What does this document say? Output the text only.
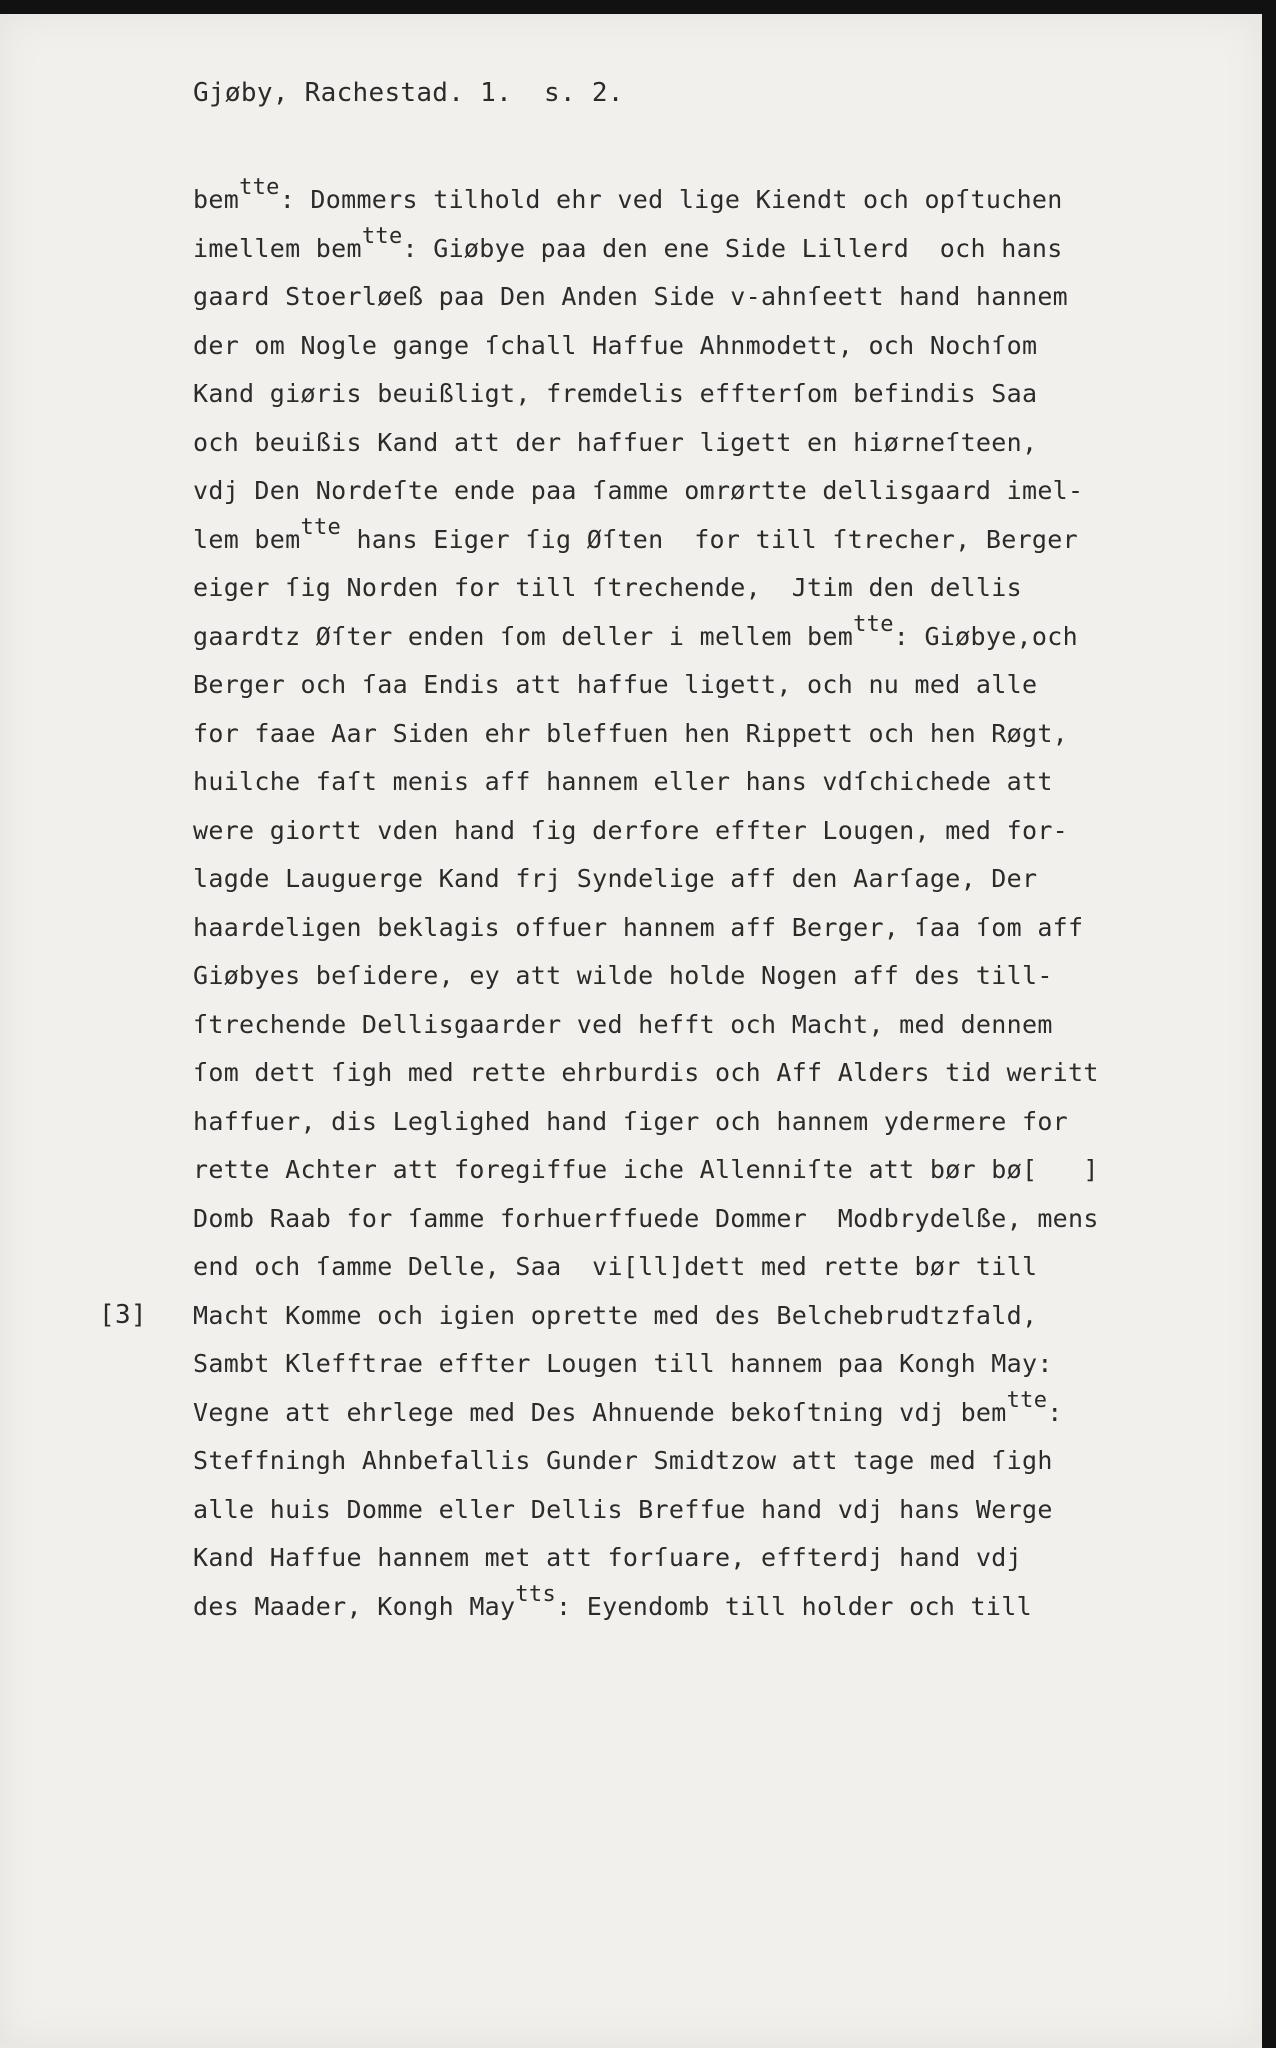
Gjøby, Rachestad. 1.  s. 2.
[3]
bemtte: Dommers tilhold ehr ved lige Kiendt och opſtuchen
imellem bemtte: Giøbye paa den ene Side Lillerd  och hans
gaard Stoerløeß paa Den Anden Side v-ahnſeett hand hannem
der om Nogle gange ſchall Haffue Ahnmodett, och Nochſom
Kand giøris beuißligt, fremdelis effterſom befindis Saa
och beuißis Kand att der haffuer ligett en hiørneſteen,
vdj Den Nordeſte ende paa ſamme omrørtte dellisgaard imel-
lem bemtte hans Eiger ſig Øſten  for till ſtrecher, Berger
eiger ſig Norden for till ſtrechende,  Jtim den dellis
gaardtz Øſter enden ſom deller i mellem bemtte: Giøbye,och
Berger och ſaa Endis att haffue ligett, och nu med alle
for faae Aar Siden ehr bleffuen hen Rippett och hen Røgt,
huilche faſt menis aff hannem eller hans vdſchichede att
were giortt vden hand ſig derfore effter Lougen, med for-
lagde Lauguerge Kand frj Syndelige aff den Aarſage, Der
haardeligen beklagis offuer hannem aff Berger, ſaa ſom aff
Giøbyes beſidere, ey att wilde holde Nogen aff des till-
ſtrechende Dellisgaarder ved hefft och Macht, med dennem
ſom dett ſigh med rette ehrburdis och Aff Alders tid weritt
haffuer, dis Leglighed hand ſiger och hannem ydermere for
rette Achter att foregiffue iche Allenniſte att bør bø[   ]
Domb Raab for ſamme forhuerffuede Dommer  Modbrydelße, mens
end och ſamme Delle, Saa  vi[ll]dett med rette bør till
Macht Komme och igien oprette med des Belchebrudtzfald,
Sambt Klefftrae effter Lougen till hannem paa Kongh May:
Vegne att ehrlege med Des Ahnuende bekoſtning vdj bemtte:
Steffningh Ahnbefallis Gunder Smidtzow att tage med ſigh
alle huis Domme eller Dellis Breffue hand vdj hans Werge
Kand Haffue hannem met att forſuare, effterdj hand vdj
des Maader, Kongh Maytts: Eyendomb till holder och till
